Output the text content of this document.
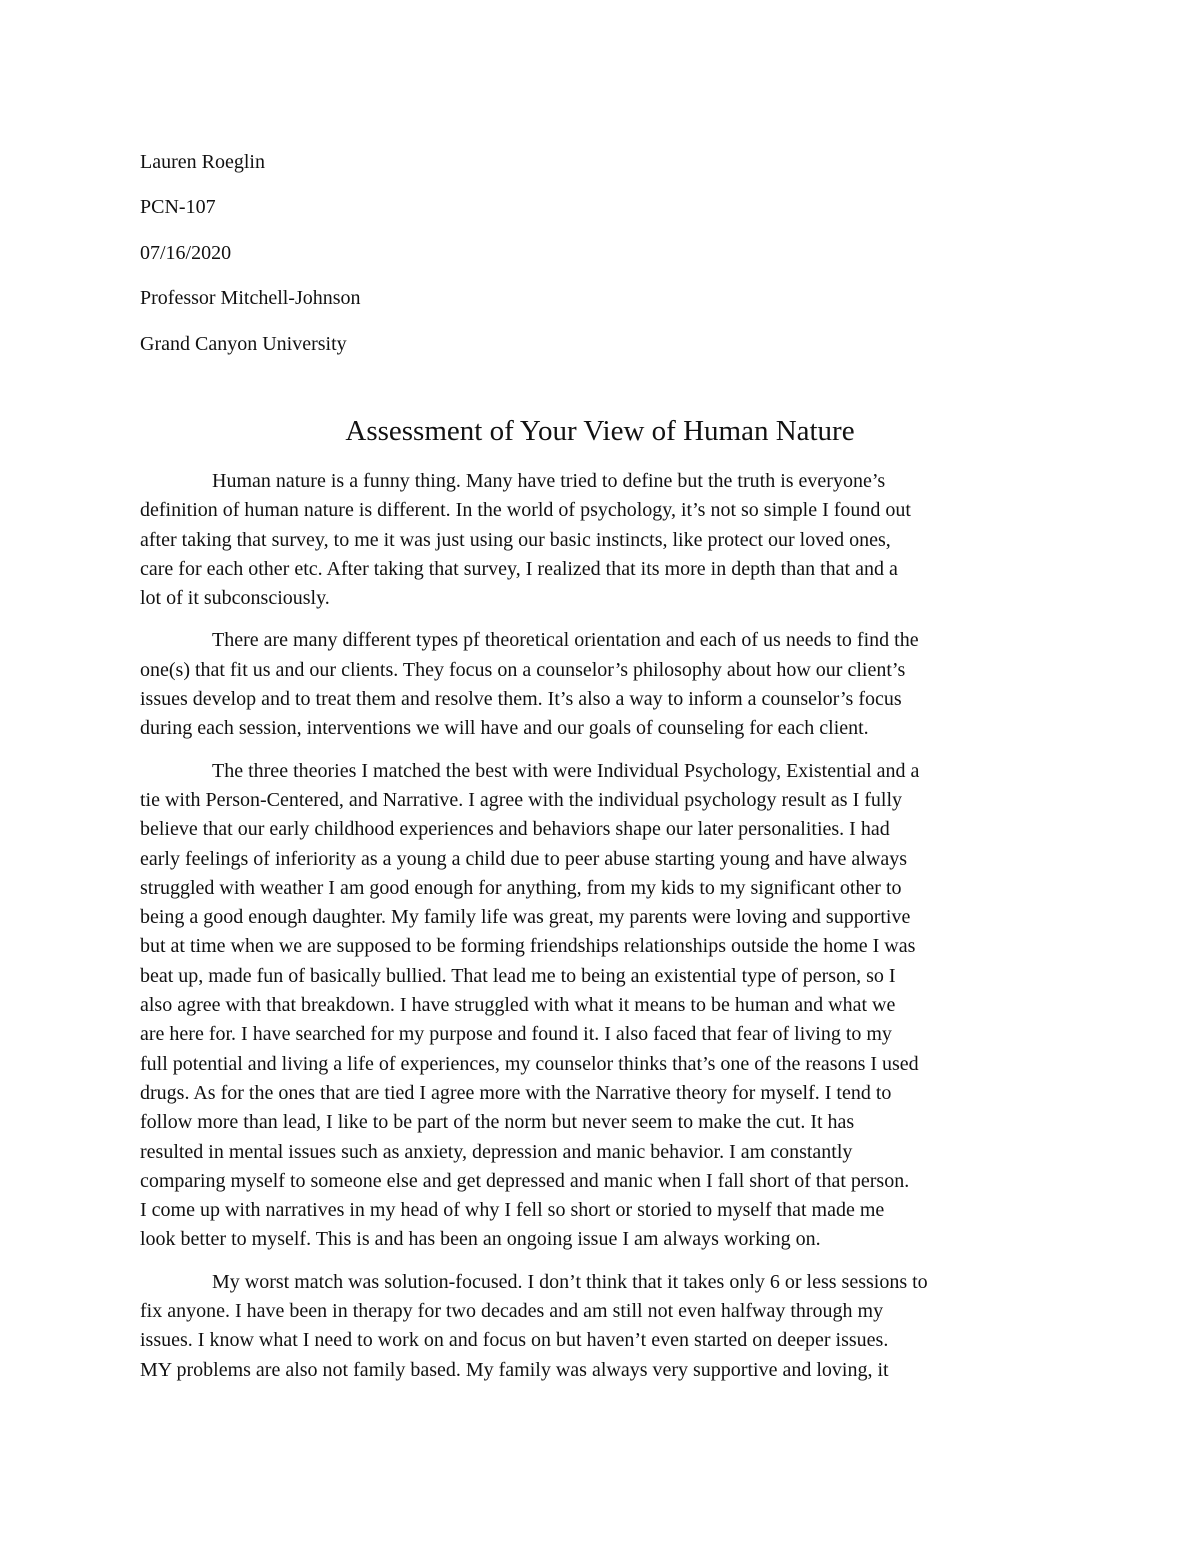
Lauren Roeglin

PCN-107

07/16/2020

Professor Mitchell-Johnson

Grand Canyon University

Assessment of Your View of Human Nature

Human nature is a funny thing. Many have tried to define but the truth is everyone’s
definition of human nature is different. In the world of psychology, it’s not so simple I found out
after taking that survey, to me it was just using our basic instincts, like protect our loved ones,
care for each other etc. After taking that survey, I realized that its more in depth than that and a
lot of it subconsciously.

There are many different types pf theoretical orientation and each of us needs to find the
one(s) that fit us and our clients. They focus on a counselor’s philosophy about how our client’s
issues develop and to treat them and resolve them. It’s also a way to inform a counselor’s focus
during each session, interventions we will have and our goals of counseling for each client.

The three theories I matched the best with were Individual Psychology, Existential and a
tie with Person-Centered, and Narrative. I agree with the individual psychology result as I fully
believe that our early childhood experiences and behaviors shape our later personalities. I had
early feelings of inferiority as a young a child due to peer abuse starting young and have always
struggled with weather I am good enough for anything, from my kids to my significant other to
being a good enough daughter. My family life was great, my parents were loving and supportive
but at time when we are supposed to be forming friendships relationships outside the home I was
beat up, made fun of basically bullied. That lead me to being an existential type of person, so I
also agree with that breakdown. I have struggled with what it means to be human and what we
are here for. I have searched for my purpose and found it. I also faced that fear of living to my
full potential and living a life of experiences, my counselor thinks that’s one of the reasons I used
drugs. As for the ones that are tied I agree more with the Narrative theory for myself. I tend to
follow more than lead, I like to be part of the norm but never seem to make the cut. It has
resulted in mental issues such as anxiety, depression and manic behavior. I am constantly
comparing myself to someone else and get depressed and manic when I fall short of that person.
I come up with narratives in my head of why I fell so short or storied to myself that made me
look better to myself. This is and has been an ongoing issue I am always working on.

My worst match was solution-focused. I don’t think that it takes only 6 or less sessions to
fix anyone. I have been in therapy for two decades and am still not even halfway through my
issues. I know what I need to work on and focus on but haven’t even started on deeper issues.
MY problems are also not family based. My family was always very supportive and loving, it
